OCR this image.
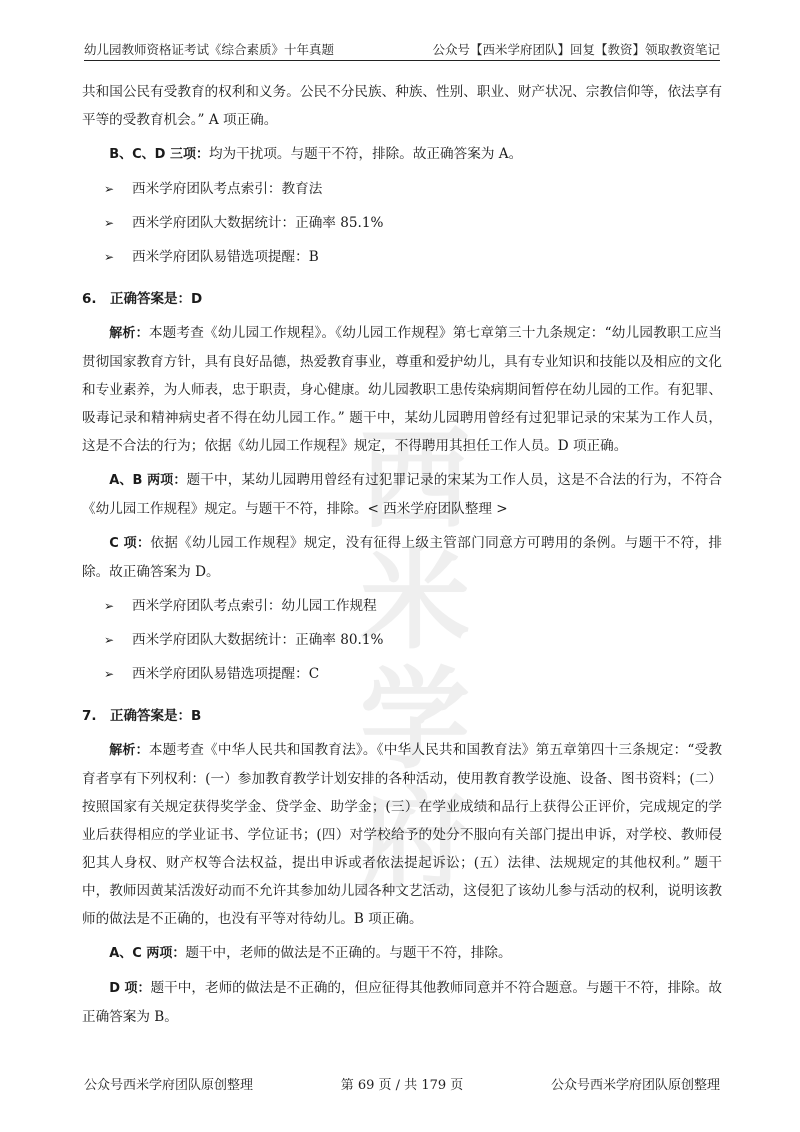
幼儿园教师资格证考试《综合素质》十年真题	公众号【西米学府团队】回复【教资】领取教资笔记
西米
学府

共和国公民有受教育的权利和义务。公民不分民族、种族、性别、职业、财产状况、宗教信仰等，依法享有平等的受教育机会。” A 项正确。

B、C、D 三项：均为干扰项。与题干不符，排除。故正确答案为 A。

➢ 西米学府团队考点索引：教育法
➢ 西米学府团队大数据统计：正确率 85.1%
➢ 西米学府团队易错选项提醒：B
6. 正确答案是：D

解析：本题考查《幼儿园工作规程》。《幼儿园工作规程》第七章第三十九条规定：“幼儿园教职工应当贯彻国家教育方针，具有良好品德，热爱教育事业，尊重和爱护幼儿，具有专业知识和技能以及相应的文化和专业素养，为人师表，忠于职责，身心健康。幼儿园教职工患传染病期间暂停在幼儿园的工作。有犯罪、吸毒记录和精神病史者不得在幼儿园工作。” 题干中，某幼儿园聘用曾经有过犯罪记录的宋某为工作人员，这是不合法的行为；依据《幼儿园工作规程》规定，不得聘用其担任工作人员。D 项正确。

A、B 两项：题干中，某幼儿园聘用曾经有过犯罪记录的宋某为工作人员，这是不合法的行为，不符合《幼儿园工作规程》规定。与题干不符，排除。< 西米学府团队整理 >

C 项：依据《幼儿园工作规程》规定，没有征得上级主管部门同意方可聘用的条例。与题干不符，排除。故正确答案为 D。

➢ 西米学府团队考点索引：幼儿园工作规程
➢ 西米学府团队大数据统计：正确率 80.1%
➢ 西米学府团队易错选项提醒：C
7. 正确答案是：B

解析：本题考查《中华人民共和国教育法》。《中华人民共和国教育法》第五章第四十三条规定：“受教育者享有下列权利：(一）参加教育教学计划安排的各种活动，使用教育教学设施、设备、图书资料；(二）按照国家有关规定获得奖学金、贷学金、助学金；(三）在学业成绩和品行上获得公正评价，完成规定的学业后获得相应的学业证书、学位证书；(四）对学校给予的处分不服向有关部门提出申诉，对学校、教师侵犯其人身权、财产权等合法权益，提出申诉或者依法提起诉讼；(五）法律、法规规定的其他权利。” 题干中，教师因黄某活泼好动而不允许其参加幼儿园各种文艺活动，这侵犯了该幼儿参与活动的权利，说明该教师的做法是不正确的，也没有平等对待幼儿。B 项正确。

A、C 两项：题干中，老师的做法是不正确的。与题干不符，排除。

D 项：题干中，老师的做法是不正确的，但应征得其他教师同意并不符合题意。与题干不符，排除。故正确答案为 B。

公众号西米学府团队原创整理	第 69 页 / 共 179 页	公众号西米学府团队原创整理
